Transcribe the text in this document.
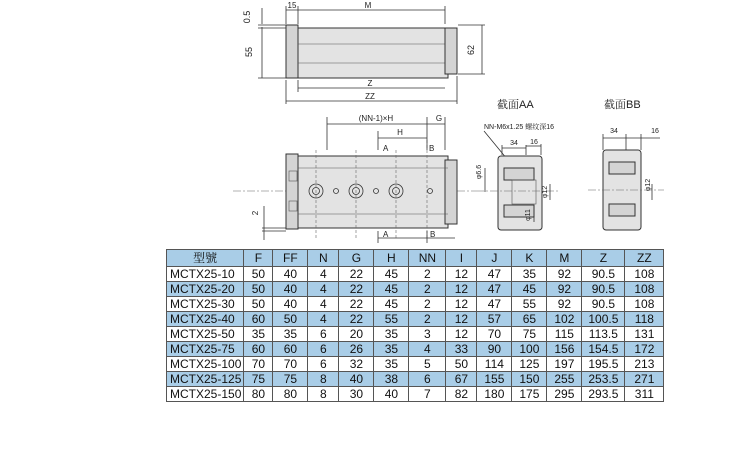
0.5
55
15	M
62
Z
ZZ
(NN-1)×H
H
G
A	B
A	B
2
截面AA
NN-M6x1.25 螺纹深16
34 16
φ6.6
φ12
φ11
截面BB
34	16
φ12
型號	F	FF	N	G	H	NN	I	J	K	M	Z	ZZ
MCTX25-10	50	40	4	22	45	2	12	47	35	92	90.5	108
MCTX25-20	50	40	4	22	45	2	12	47	45	92	90.5	108
MCTX25-30	50	40	4	22	45	2	12	47	55	92	90.5	108
MCTX25-40	60	50	4	22	55	2	12	57	65	102	100.5	118
MCTX25-50	35	35	6	20	35	3	12	70	75	115	113.5	131
MCTX25-75	60	60	6	26	35	4	33	90	100	156	154.5	172
MCTX25-100	70	70	6	32	35	5	50	114	125	197	195.5	213
MCTX25-125	75	75	8	40	38	6	67	155	150	255	253.5	271
MCTX25-150	80	80	8	30	40	7	82	180	175	295	293.5	311
